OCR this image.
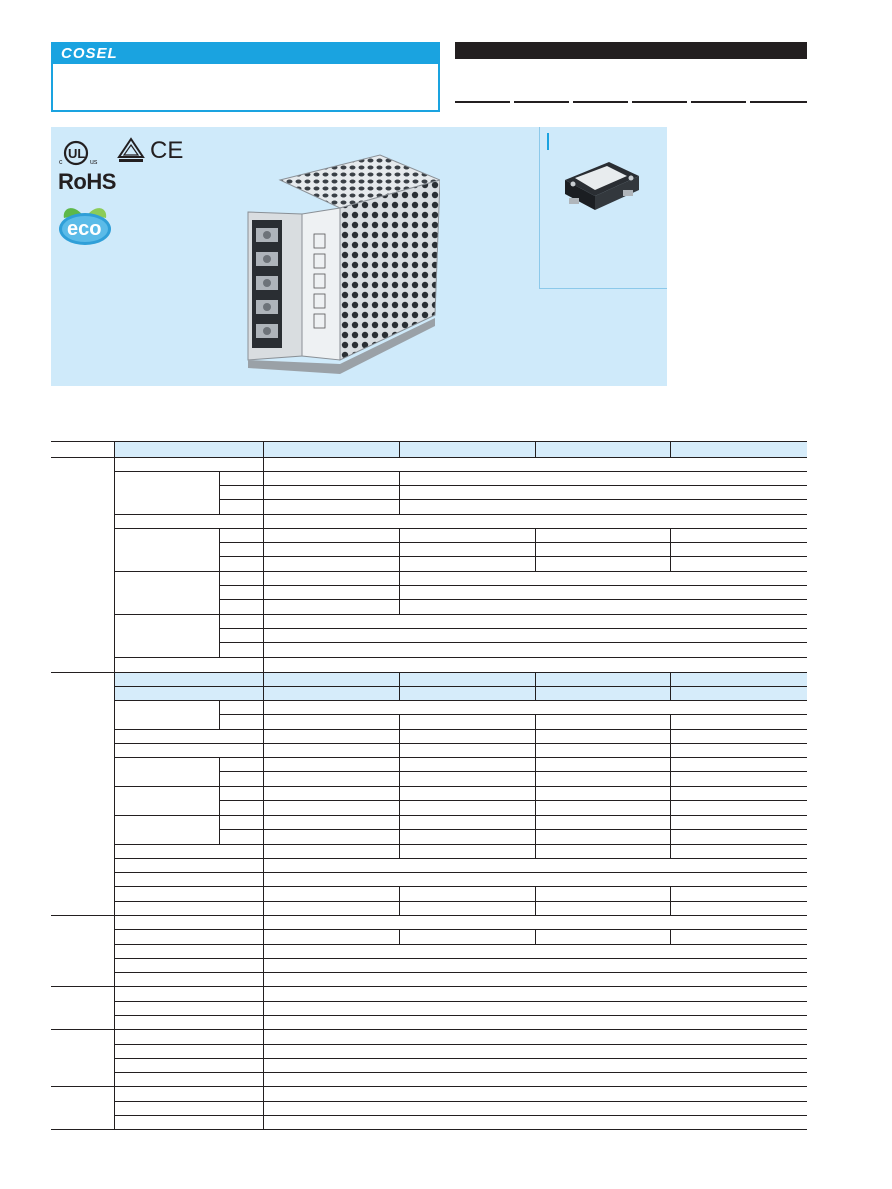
COSEL
UL
c	us CE
RoHS
eco
